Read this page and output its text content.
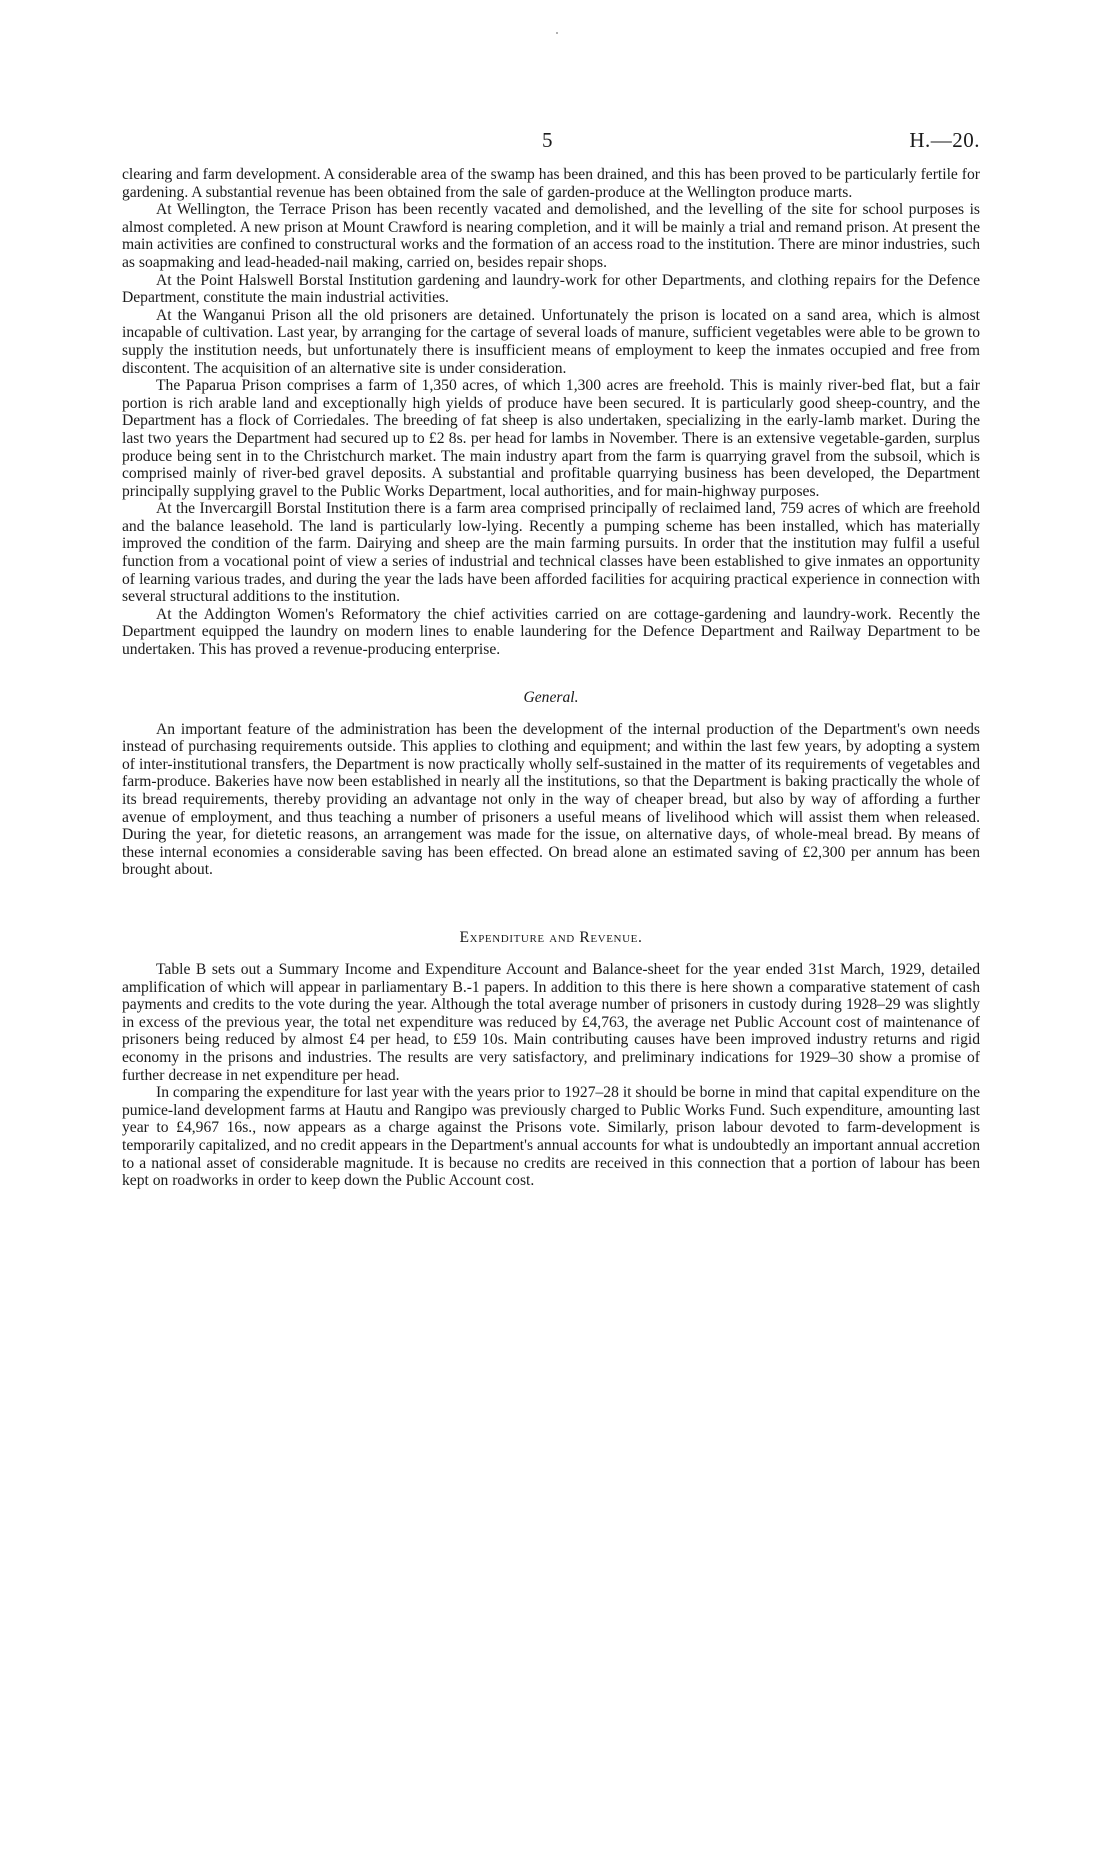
5	H.—20.

clearing and farm development. A considerable area of the swamp has been drained, and this has been proved to be particularly fertile for gardening. A substantial revenue has been obtained from the sale of garden-produce at the Wellington produce marts.

At Wellington, the Terrace Prison has been recently vacated and demolished, and the levelling of the site for school purposes is almost completed. A new prison at Mount Crawford is nearing completion, and it will be mainly a trial and remand prison. At present the main activities are confined to constructural works and the formation of an access road to the institution. There are minor industries, such as soapmaking and lead-headed-nail making, carried on, besides repair shops.

At the Point Halswell Borstal Institution gardening and laundry-work for other Departments, and clothing repairs for the Defence Department, constitute the main industrial activities.

At the Wanganui Prison all the old prisoners are detained. Unfortunately the prison is located on a sand area, which is almost incapable of cultivation. Last year, by arranging for the cartage of several loads of manure, sufficient vegetables were able to be grown to supply the institution needs, but unfortunately there is insufficient means of employment to keep the inmates occupied and free from discontent. The acquisition of an alternative site is under consideration.

The Paparua Prison comprises a farm of 1,350 acres, of which 1,300 acres are freehold. This is mainly river-bed flat, but a fair portion is rich arable land and exceptionally high yields of produce have been secured. It is particularly good sheep-country, and the Department has a flock of Corriedales. The breeding of fat sheep is also undertaken, specializing in the early-lamb market. During the last two years the Department had secured up to £2 8s. per head for lambs in November. There is an extensive vegetable-garden, surplus produce being sent in to the Christchurch market. The main industry apart from the farm is quarrying gravel from the subsoil, which is comprised mainly of river-bed gravel deposits. A substantial and profitable quarrying business has been developed, the Department principally supplying gravel to the Public Works Department, local authorities, and for main-highway purposes.

At the Invercargill Borstal Institution there is a farm area comprised principally of reclaimed land, 759 acres of which are freehold and the balance leasehold. The land is particularly low-lying. Recently a pumping scheme has been installed, which has materially improved the condition of the farm. Dairying and sheep are the main farming pursuits. In order that the institution may fulfil a useful function from a vocational point of view a series of industrial and technical classes have been established to give inmates an opportunity of learning various trades, and during the year the lads have been afforded facilities for acquiring practical experience in connection with several structural additions to the institution.

At the Addington Women's Reformatory the chief activities carried on are cottage-gardening and laundry-work. Recently the Department equipped the laundry on modern lines to enable laundering for the Defence Department and Railway Department to be undertaken. This has proved a revenue-producing enterprise.

General.

An important feature of the administration has been the development of the internal production of the Department's own needs instead of purchasing requirements outside. This applies to clothing and equipment; and within the last few years, by adopting a system of inter-institutional transfers, the Department is now practically wholly self-sustained in the matter of its requirements of vegetables and farm-produce. Bakeries have now been established in nearly all the institutions, so that the Department is baking practically the whole of its bread requirements, thereby providing an advantage not only in the way of cheaper bread, but also by way of affording a further avenue of employment, and thus teaching a number of prisoners a useful means of livelihood which will assist them when released. During the year, for dietetic reasons, an arrangement was made for the issue, on alternative days, of whole-meal bread. By means of these internal economies a considerable saving has been effected. On bread alone an estimated saving of £2,300 per annum has been brought about.

Expenditure and Revenue.

Table B sets out a Summary Income and Expenditure Account and Balance-sheet for the year ended 31st March, 1929, detailed amplification of which will appear in parliamentary B.-1 papers. In addition to this there is here shown a comparative statement of cash payments and credits to the vote during the year. Although the total average number of prisoners in custody during 1928–29 was slightly in excess of the previous year, the total net expenditure was reduced by £4,763, the average net Public Account cost of maintenance of prisoners being reduced by almost £4 per head, to £59 10s. Main contributing causes have been improved industry returns and rigid economy in the prisons and industries. The results are very satisfactory, and preliminary indications for 1929–30 show a promise of further decrease in net expenditure per head.

In comparing the expenditure for last year with the years prior to 1927–28 it should be borne in mind that capital expenditure on the pumice-land development farms at Hautu and Rangipo was previously charged to Public Works Fund. Such expenditure, amounting last year to £4,967 16s., now appears as a charge against the Prisons vote. Similarly, prison labour devoted to farm-development is temporarily capitalized, and no credit appears in the Department's annual accounts for what is undoubtedly an important annual accretion to a national asset of considerable magnitude. It is because no credits are received in this connection that a portion of labour has been kept on roadworks in order to keep down the Public Account cost.
